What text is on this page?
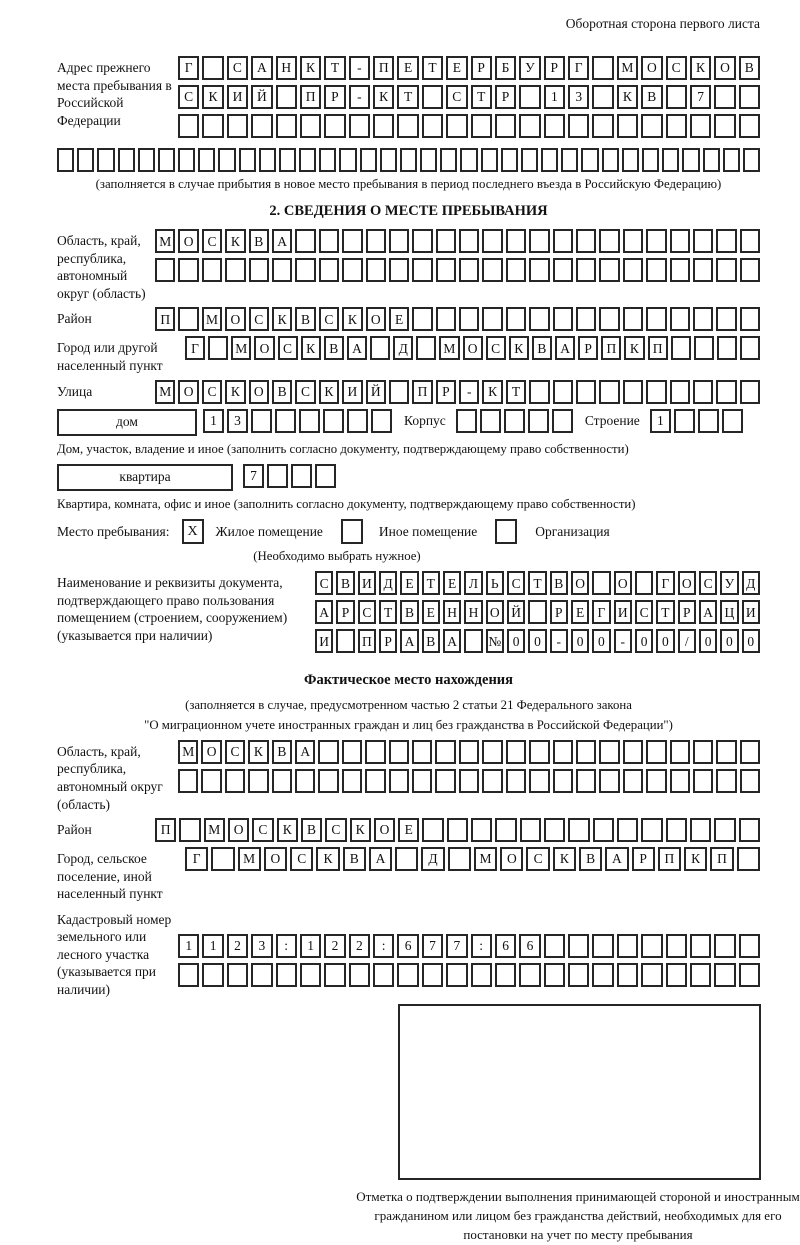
Оборотная сторона первого листа
Адрес прежнего места пребывания в Российской Федерации
Г	С	А	Н	К	Т	-	П	Е	Т	Е	Р	Б	У	Р	Г	М	О	С	К	О	В
С	К	И	Й	П	Р	-	К	Т	С	Т	Р	1	3	К	В	7
(заполняется в случае прибытия в новое место пребывания в период последнего въезда в Российскую Федерацию)
2. СВЕДЕНИЯ О МЕСТЕ ПРЕБЫВАНИЯ
Область, край, республика, автономный округ (область)
М О	С	К	В	А
Район	П	М О	С	К	В	С	К	О	Е
Город или другой населенный пункт
Г	М О	С	К	В	А	Д	М О	С	К	В	А	Р	П	К	П
Улица	М О	С	К	О	В	С	К	И	Й	П	Р	-	К	Т
дом	1	3	Корпус	Строение	1
Дом, участок, владение и иное (заполнить согласно документу, подтверждающему право собственности)
квартира	7
Квартира, комната, офис и иное (заполнить согласно документу, подтверждающему право собственности)
Место пребывания:	X	Жилое помещение	Иное помещение	Организация
(Необходимо выбрать нужное)
Наименование и реквизиты документа, подтверждающего право пользования помещением (строением, сооружением) (указывается при наличии)
С В И Д Е Т Е Л Ь С Т В О	О	Г О С У Д
А Р С Т В Е Н Н О Й	Р Е Г И С Т Р А Ц И
И	П Р А В А	№ 0	0	-	0	0	-	0	0	/	0	0	0
Фактическое место нахождения
(заполняется в случае, предусмотренном частью 2 статьи 21 Федерального закона
"О миграционном учете иностранных граждан и лиц без гражданства в Российской Федерации")
Область, край, республика, автономный округ (область)
М О	С	К	В	А
Район	П	М О	С	К	В	С	К	О	Е
Город, сельское поселение, иной населенный пункт
Г	М	О	С	К	В	А	Д	М	О	С	К	В	А	Р	П	К	П
Кадастровый номер земельного или лесного участка (указывается при наличии)
1	1	2	3	:	1	2	2	:	6	7	7	:	6	6
Отметка о подтверждении выполнения принимающей стороной и иностранным гражданином или лицом без гражданства действий, необходимых для его постановки на учет по месту пребывания
